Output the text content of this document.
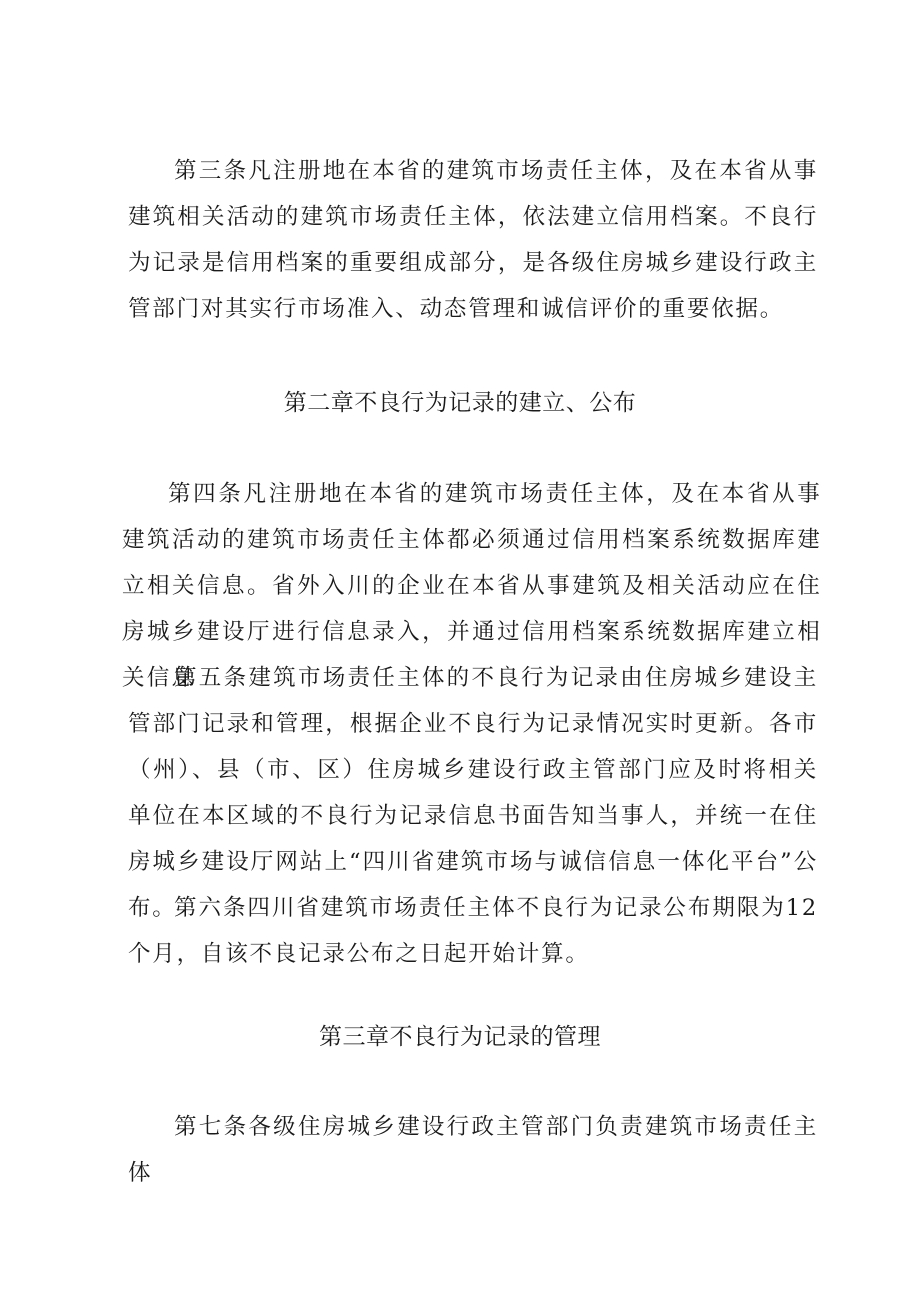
第三条凡注册地在本省的建筑市场责任主体，及在本省从事建筑相关活动的建筑市场责任主体，依法建立信用档案。不良行为记录是信用档案的重要组成部分，是各级住房城乡建设行政主管部门对其实行市场准入、动态管理和诚信评价的重要依据。

第二章不良行为记录的建立、公布

第四条凡注册地在本省的建筑市场责任主体，及在本省从事建筑活动的建筑市场责任主体都必须通过信用档案系统数据库建立相关信息。省外入川的企业在本省从事建筑及相关活动应在住房城乡建设厅进行信息录入，并通过信用档案系统数据库建立相关信息

第五条建筑市场责任主体的不良行为记录由住房城乡建设主管部门记录和管理，根据企业不良行为记录情况实时更新。各市（州）、县（市、区）住房城乡建设行政主管部门应及时将相关单位在本区域的不良行为记录信息书面告知当事人，并统一在住房城乡建设厅网站上“四川省建筑市场与诚信信息一体化平台”公布。

第六条四川省建筑市场责任主体不良行为记录公布期限为12个月，自该不良记录公布之日起开始计算。

第三章不良行为记录的管理

第七条各级住房城乡建设行政主管部门负责建筑市场责任主体
